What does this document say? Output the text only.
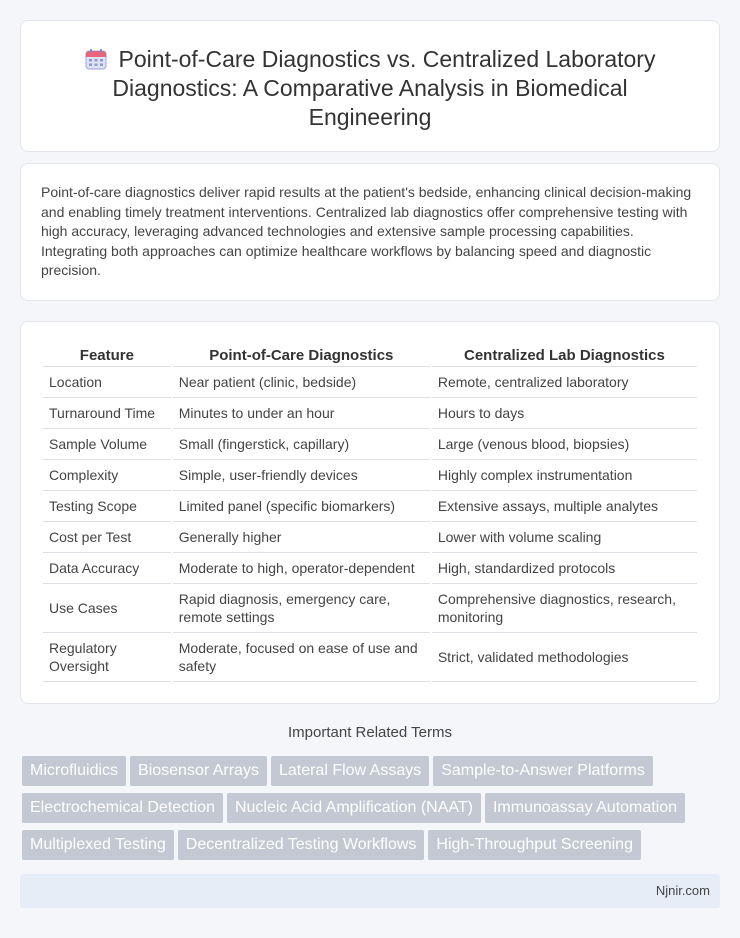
Point-of-Care Diagnostics vs. Centralized Laboratory Diagnostics: A Comparative Analysis in Biomedical Engineering

Point-of-care diagnostics deliver rapid results at the patient's bedside, enhancing clinical decision-making and enabling timely treatment interventions. Centralized lab diagnostics offer comprehensive testing with high accuracy, leveraging advanced technologies and extensive sample processing capabilities. Integrating both approaches can optimize healthcare workflows by balancing speed and diagnostic precision.

Feature	Point-of-Care Diagnostics	Centralized Lab Diagnostics
Location	Near patient (clinic, bedside)	Remote, centralized laboratory
Turnaround Time	Minutes to under an hour	Hours to days
Sample Volume	Small (fingerstick, capillary)	Large (venous blood, biopsies)
Complexity	Simple, user-friendly devices	Highly complex instrumentation
Testing Scope	Limited panel (specific biomarkers)	Extensive assays, multiple analytes
Cost per Test	Generally higher	Lower with volume scaling
Data Accuracy	Moderate to high, operator-dependent	High, standardized protocols
Use Cases	Rapid diagnosis, emergency care, remote settings	Comprehensive diagnostics, research, monitoring
Regulatory Oversight	Moderate, focused on ease of use and safety	Strict, validated methodologies
Important Related Terms
Microfluidics Biosensor Arrays Lateral Flow Assays Sample-to-Answer Platforms
Electrochemical Detection Nucleic Acid Amplification (NAAT) Immunoassay Automation
Multiplexed Testing Decentralized Testing Workflows High-Throughput Screening
Njnir.com
